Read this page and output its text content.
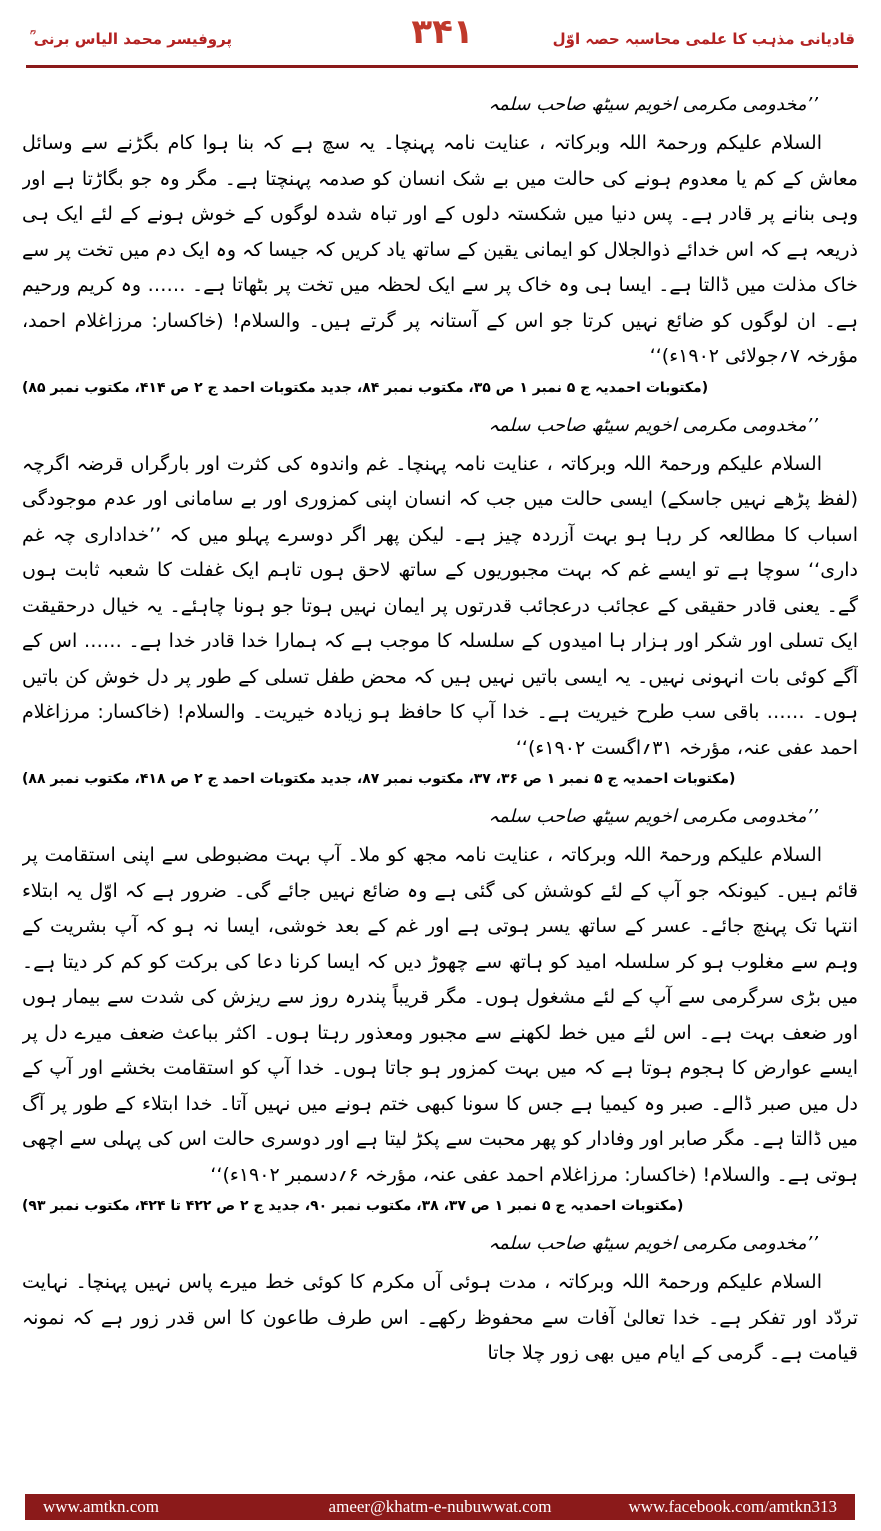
پروفیسر محمد الیاس برنی ؒ	۳۴۱	قادیانی مذہب کا علمی محاسبہ حصہ اوّل
’’مخدومی مکرمی اخویم سیٹھ صاحب سلمہ

السلام علیکم ورحمۃ اللہ وبرکاتہ ، عنایت نامہ پہنچا۔ یہ سچ ہے کہ بنا ہوا کام بگڑنے سے وسائل معاش کے کم یا معدوم ہونے کی حالت میں بے شک انسان کو صدمہ پہنچتا ہے۔ مگر وہ جو بگاڑتا ہے اور وہی بنانے پر قادر ہے۔ پس دنیا میں شکستہ دلوں کے اور تباہ شدہ لوگوں کے خوش ہونے کے لئے ایک ہی ذریعہ ہے کہ اس خدائے ذوالجلال کو ایمانی یقین کے ساتھ یاد کریں کہ جیسا کہ وہ ایک دم میں تخت پر سے خاک مذلت میں ڈالتا ہے۔ ایسا ہی وہ خاک پر سے ایک لحظہ میں تخت پر بٹھاتا ہے۔ …… وہ کریم ورحیم ہے۔ ان لوگوں کو ضائع نہیں کرتا جو اس کے آستانہ پر گرتے ہیں۔ والسلام! (خاکسار: مرزاغلام احمد، مؤرخہ ۷؍جولائی ۱۹۰۲ء)‘‘

(مکتوبات احمدیہ ج ۵ نمبر ۱ ص ۳۵، مکتوب نمبر ۸۴، جدید مکتوبات احمد ج ۲ ص ۴۱۴، مکتوب نمبر ۸۵)
’’مخدومی مکرمی اخویم سیٹھ صاحب سلمہ

السلام علیکم ورحمۃ اللہ وبرکاتہ ، عنایت نامہ پہنچا۔ غم واندوہ کی کثرت اور بارگراں قرضہ اگرچہ (لفظ پڑھے نہیں جاسکے) ایسی حالت میں جب کہ انسان اپنی کمزوری اور بے سامانی اور عدم موجودگی اسباب کا مطالعہ کر رہا ہو بہت آزردہ چیز ہے۔ لیکن پھر اگر دوسرے پہلو میں کہ ’’خداداری چہ غم داری‘‘ سوچا ہے تو ایسے غم کہ بہت مجبوریوں کے ساتھ لاحق ہوں تاہم ایک غفلت کا شعبہ ثابت ہوں گے۔ یعنی قادر حقیقی کے عجائب درعجائب قدرتوں پر ایمان نہیں ہوتا جو ہونا چاہئے۔ یہ خیال درحقیقت ایک تسلی اور شکر اور ہزار ہا امیدوں کے سلسلہ کا موجب ہے کہ ہمارا خدا قادر خدا ہے۔ …… اس کے آگے کوئی بات انہونی نہیں۔ یہ ایسی باتیں نہیں ہیں کہ محض طفل تسلی کے طور پر دل خوش کن باتیں ہوں۔ …… باقی سب طرح خیریت ہے۔ خدا آپ کا حافظ ہو زیادہ خیریت۔ والسلام! (خاکسار: مرزاغلام احمد عفی عنہ، مؤرخہ ۳۱؍اگست ۱۹۰۲ء)‘‘

(مکتوبات احمدیہ ج ۵ نمبر ۱ ص ۳۶، ۳۷، مکتوب نمبر ۸۷، جدید مکتوبات احمد ج ۲ ص ۴۱۸، مکتوب نمبر ۸۸)
’’مخدومی مکرمی اخویم سیٹھ صاحب سلمہ

السلام علیکم ورحمۃ اللہ وبرکاتہ ، عنایت نامہ مجھ کو ملا۔ آپ بہت مضبوطی سے اپنی استقامت پر قائم ہیں۔ کیونکہ جو آپ کے لئے کوشش کی گئی ہے وہ ضائع نہیں جائے گی۔ ضرور ہے کہ اوّل یہ ابتلاء انتہا تک پہنچ جائے۔ عسر کے ساتھ یسر ہوتی ہے اور غم کے بعد خوشی، ایسا نہ ہو کہ آپ بشریت کے وہم سے مغلوب ہو کر سلسلہ امید کو ہاتھ سے چھوڑ دیں کہ ایسا کرنا دعا کی برکت کو کم کر دیتا ہے۔ میں بڑی سرگرمی سے آپ کے لئے مشغول ہوں۔ مگر قریباً پندرہ روز سے ریزش کی شدت سے بیمار ہوں اور ضعف بہت ہے۔ اس لئے میں خط لکھنے سے مجبور ومعذور رہتا ہوں۔ اکثر بباعث ضعف میرے دل پر ایسے عوارض کا ہجوم ہوتا ہے کہ میں بہت کمزور ہو جاتا ہوں۔ خدا آپ کو استقامت بخشے اور آپ کے دل میں صبر ڈالے۔ صبر وہ کیمیا ہے جس کا سونا کبھی ختم ہونے میں نہیں آتا۔ خدا ابتلاء کے طور پر آگ میں ڈالتا ہے۔ مگر صابر اور وفادار کو پھر محبت سے پکڑ لیتا ہے اور دوسری حالت اس کی پہلی سے اچھی ہوتی ہے۔ والسلام! (خاکسار: مرزاغلام احمد عفی عنہ، مؤرخہ ۶؍دسمبر ۱۹۰۲ء)‘‘

(مکتوبات احمدیہ ج ۵ نمبر ۱ ص ۳۷، ۳۸، مکتوب نمبر ۹۰، جدید ج ۲ ص ۴۲۲ تا ۴۲۴، مکتوب نمبر ۹۳)
’’مخدومی مکرمی اخویم سیٹھ صاحب سلمہ

السلام علیکم ورحمۃ اللہ وبرکاتہ ، مدت ہوئی آں مکرم کا کوئی خط میرے پاس نہیں پہنچا۔ نہایت تردّد اور تفکر ہے۔ خدا تعالیٰ آفات سے محفوظ رکھے۔ اس طرف طاعون کا اس قدر زور ہے کہ نمونہ قیامت ہے۔ گرمی کے ایام میں بھی زور چلا جاتا

www.amtkn.com	ameer@khatm-e-nubuwwat.com	www.facebook.com/amtkn313
